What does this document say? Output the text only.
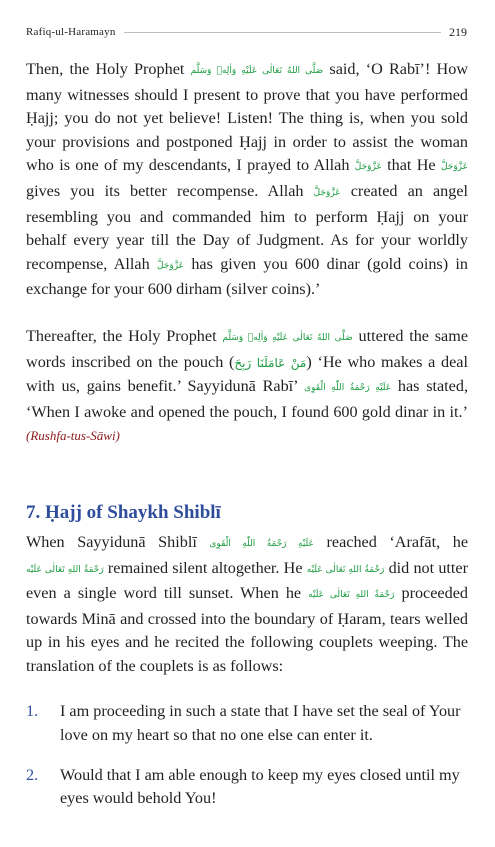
Rafiq-ul-Haramayn	219

Then, the Holy Prophet صَلَّى اللهُ تَعَالٰى عَلَيْهِ وَاٰلِهٖ وَسَلَّم said, ‘O Rabī’! How many witnesses should I present to prove that you have performed Ḥajj; you do not yet believe! Listen! The thing is, when you sold your provisions and postponed Ḥajj in order to assist the woman who is one of my descendants, I prayed to Allah عَزَّوَجَلَّ that He عَزَّوَجَلَّ gives you its better recompense. Allah عَزَّوَجَلَّ created an angel resembling you and commanded him to perform Ḥajj on your behalf every year till the Day of Judgment. As for your worldly recompense, Allah عَزَّوَجَلَّ has given you 600 dinar (gold coins) in exchange for your 600 dirham (silver coins).’

Thereafter, the Holy Prophet صَلَّى اللهُ تَعَالٰى عَلَيْهِ وَاٰلِهٖ وَسَلَّم uttered the same words inscribed on the pouch (مَنْ عَامَلَنَا رَبِحَ) ‘He who makes a deal with us, gains benefit.’ Sayyidunā Rabī’ عَلَيْهِ رَحْمَةُ اللّٰهِ الْقَوِى has stated, ‘When I awoke and opened the pouch, I found 600 gold dinar in it.’ (Rushfa-tus-Sāwi)

7. Ḥajj of Shaykh Shiblī

When Sayyidunā Shiblī عَلَيْهِ رَحْمَةُ اللّٰهِ الْقَوِى reached ‘Arafāt, he رَحْمَةُ اللهِ تَعَالٰى عَلَيْه remained silent altogether. He رَحْمَةُ اللهِ تَعَالٰى عَلَيْه did not utter even a single word till sunset. When he رَحْمَةُ اللهِ تَعَالٰى عَلَيْه proceeded towards Minā and crossed into the boundary of Ḥaram, tears welled up in his eyes and he recited the following couplets weeping. The translation of the couplets is as follows:

1.	I am proceeding in such a state that I have set the seal of Your love on my heart so that no one else can enter it.
2.	Would that I am able enough to keep my eyes closed until my eyes would behold You!
